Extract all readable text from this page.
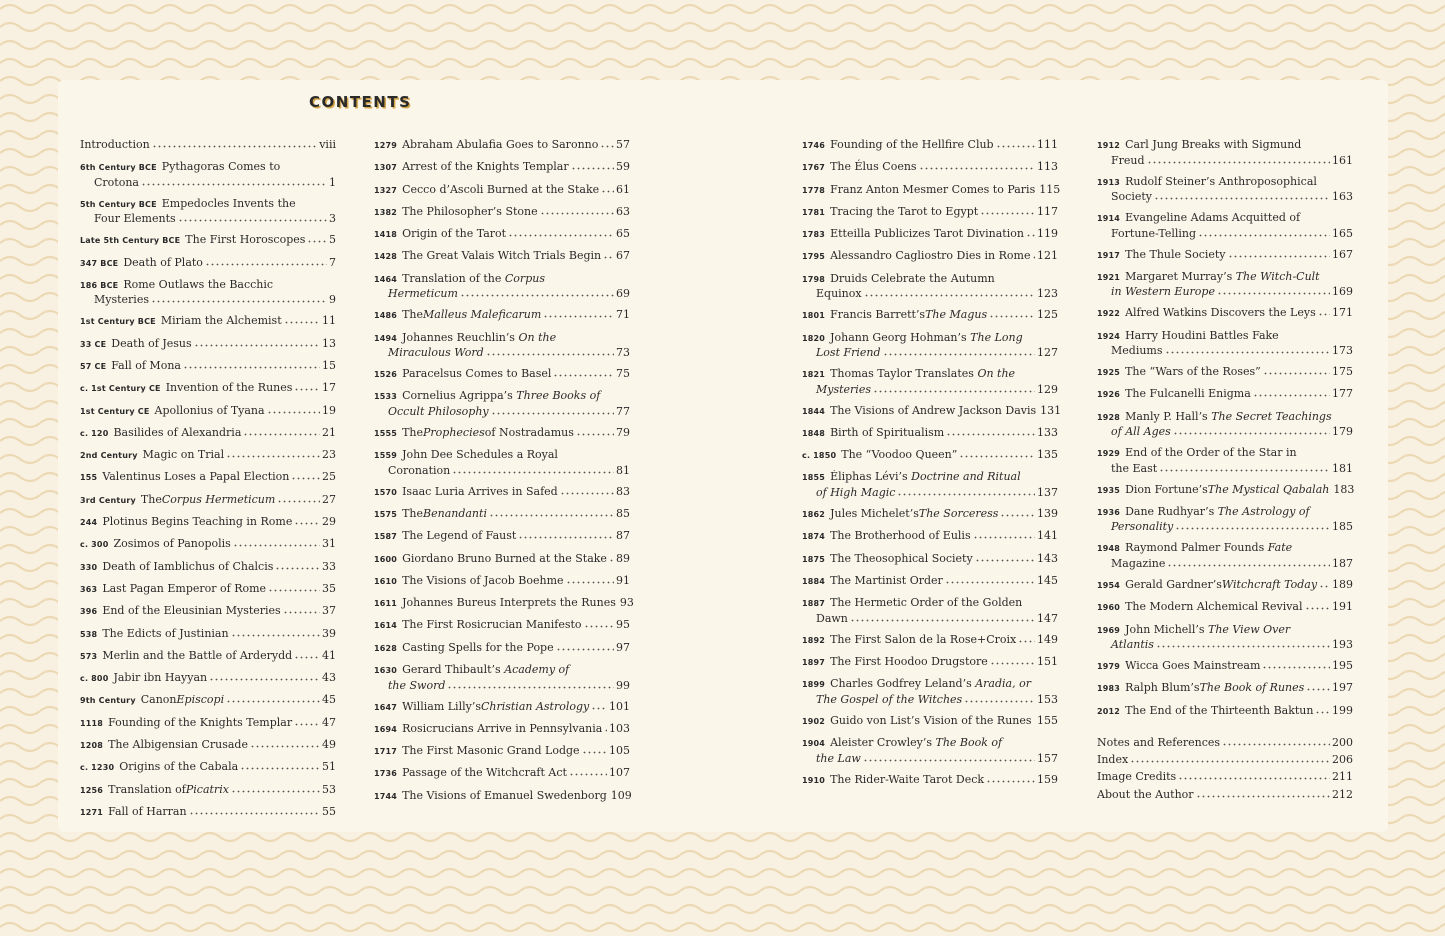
CONTENTS
Introduction	viii
6th Century BCE Pythagoras Comes to
Crotona	1
5th Century BCE Empedocles Invents the
Four Elements	3
Late 5th Century BCE The First Horoscopes 5
347 BCE Death of Plato	7
186 BCE Rome Outlaws the Bacchic
Mysteries	9
1st Century BCE Miriam the Alchemist	11
33 CE Death of Jesus	13
57 CE Fall of Mona	15
c. 1st Century CE Invention of the Runes	17
1st Century CE Apollonius of Tyana	19
c. 120 Basilides of Alexandria	21
2nd Century Magic on Trial	23
155 Valentinus Loses a Papal Election	25
3rd Century The Corpus Hermeticum	27
244 Plotinus Begins Teaching in Rome	29
c. 300 Zosimos of Panopolis	31
330 Death of Iamblichus of Chalcis	33
363 Last Pagan Emperor of Rome	35
396 End of the Eleusinian Mysteries	37
538 The Edicts of Justinian	39
573 Merlin and the Battle of Arderydd	41
c. 800 Jabir ibn Hayyan	43
9th Century Canon Episcopi	45
1118 Founding of the Knights Templar	47
1208 The Albigensian Crusade	49
c. 1230 Origins of the Cabala	51
1256 Translation of Picatrix	53
1271 Fall of Harran	55
1279 Abraham Abulafia Goes to Saronno 57
1307 Arrest of the Knights Templar	59
1327 Cecco d’Ascoli Burned at the Stake 61
1382 The Philosopher’s Stone	63
1418 Origin of the Tarot	65
1428 The Great Valais Witch Trials Begin 67
1464 Translation of the Corpus
Hermeticum	69
1486 The Malleus Maleficarum	71
1494 Johannes Reuchlin’s On the
Miraculous Word	73
1526 Paracelsus Comes to Basel	75
1533 Cornelius Agrippa’s Three Books of
Occult Philosophy	77
1555 The Prophecies of Nostradamus	79
1559 John Dee Schedules a Royal
Coronation	81
1570 Isaac Luria Arrives in Safed	83
1575 The Benandanti	85
1587 The Legend of Faust	87
1600 Giordano Bruno Burned at the Stake 89
1610 The Visions of Jacob Boehme	91
1611 Johannes Bureus Interprets the Runes 93
1614 The First Rosicrucian Manifesto	95
1628 Casting Spells for the Pope	97
1630 Gerard Thibault’s Academy of
the Sword	99
1647 William Lilly’s Christian Astrology 101
1694 Rosicrucians Arrive in Pennsylvania 103
1717 The First Masonic Grand Lodge	105
1736 Passage of the Witchcraft Act	107
1744 The Visions of Emanuel Swedenborg 109
1746 Founding of the Hellfire Club	111
1767 The Élus Coens	113
1778 Franz Anton Mesmer Comes to Paris 115
1781 Tracing the Tarot to Egypt	117
1783 Etteilla Publicizes Tarot Divination 119
1795 Alessandro Cagliostro Dies in Rome 121
1798 Druids Celebrate the Autumn
Equinox	123
1801 Francis Barrett’s The Magus	125
1820 Johann Georg Hohman’s The Long
Lost Friend	127
1821 Thomas Taylor Translates On the
Mysteries	129
1844 The Visions of Andrew Jackson Davis 131
1848 Birth of Spiritualism	133
c. 1850 The “Voodoo Queen”	135
1855 Éliphas Lévi’s Doctrine and Ritual
of High Magic	137
1862 Jules Michelet’s The Sorceress	139
1874 The Brotherhood of Eulis	141
1875 The Theosophical Society	143
1884 The Martinist Order	145
1887 The Hermetic Order of the Golden
Dawn	147
1892 The First Salon de la Rose+Croix 149
1897 The First Hoodoo Drugstore	151
1899 Charles Godfrey Leland’s Aradia, or
The Gospel of the Witches	153
1902 Guido von List’s Vision of the Runes 155
1904 Aleister Crowley’s The Book of
the Law	157
1910 The Rider-Waite Tarot Deck	159
1912 Carl Jung Breaks with Sigmund
Freud	161
1913 Rudolf Steiner’s Anthroposophical
Society	163
1914 Evangeline Adams Acquitted of
Fortune-Telling	165
1917 The Thule Society	167
1921 Margaret Murray’s The Witch-Cult
in Western Europe	169
1922 Alfred Watkins Discovers the Leys 171
1924 Harry Houdini Battles Fake
Mediums	173
1925 The “Wars of the Roses”	175
1926 The Fulcanelli Enigma	177
1928 Manly P. Hall’s The Secret Teachings
of All Ages	179
1929 End of the Order of the Star in
the East	181
1935 Dion Fortune’s The Mystical Qabalah 183
1936 Dane Rudhyar’s The Astrology of
Personality	185
1948 Raymond Palmer Founds Fate
Magazine	187
1954 Gerald Gardner’s Witchcraft Today 189
1960 The Modern Alchemical Revival	191
1969 John Michell’s The View Over
Atlantis	193
1979 Wicca Goes Mainstream	195
1983 Ralph Blum’s The Book of Runes	197
2012 The End of the Thirteenth Baktun 199
Notes and References	200
Index	206
Image Credits	211
About the Author	212
